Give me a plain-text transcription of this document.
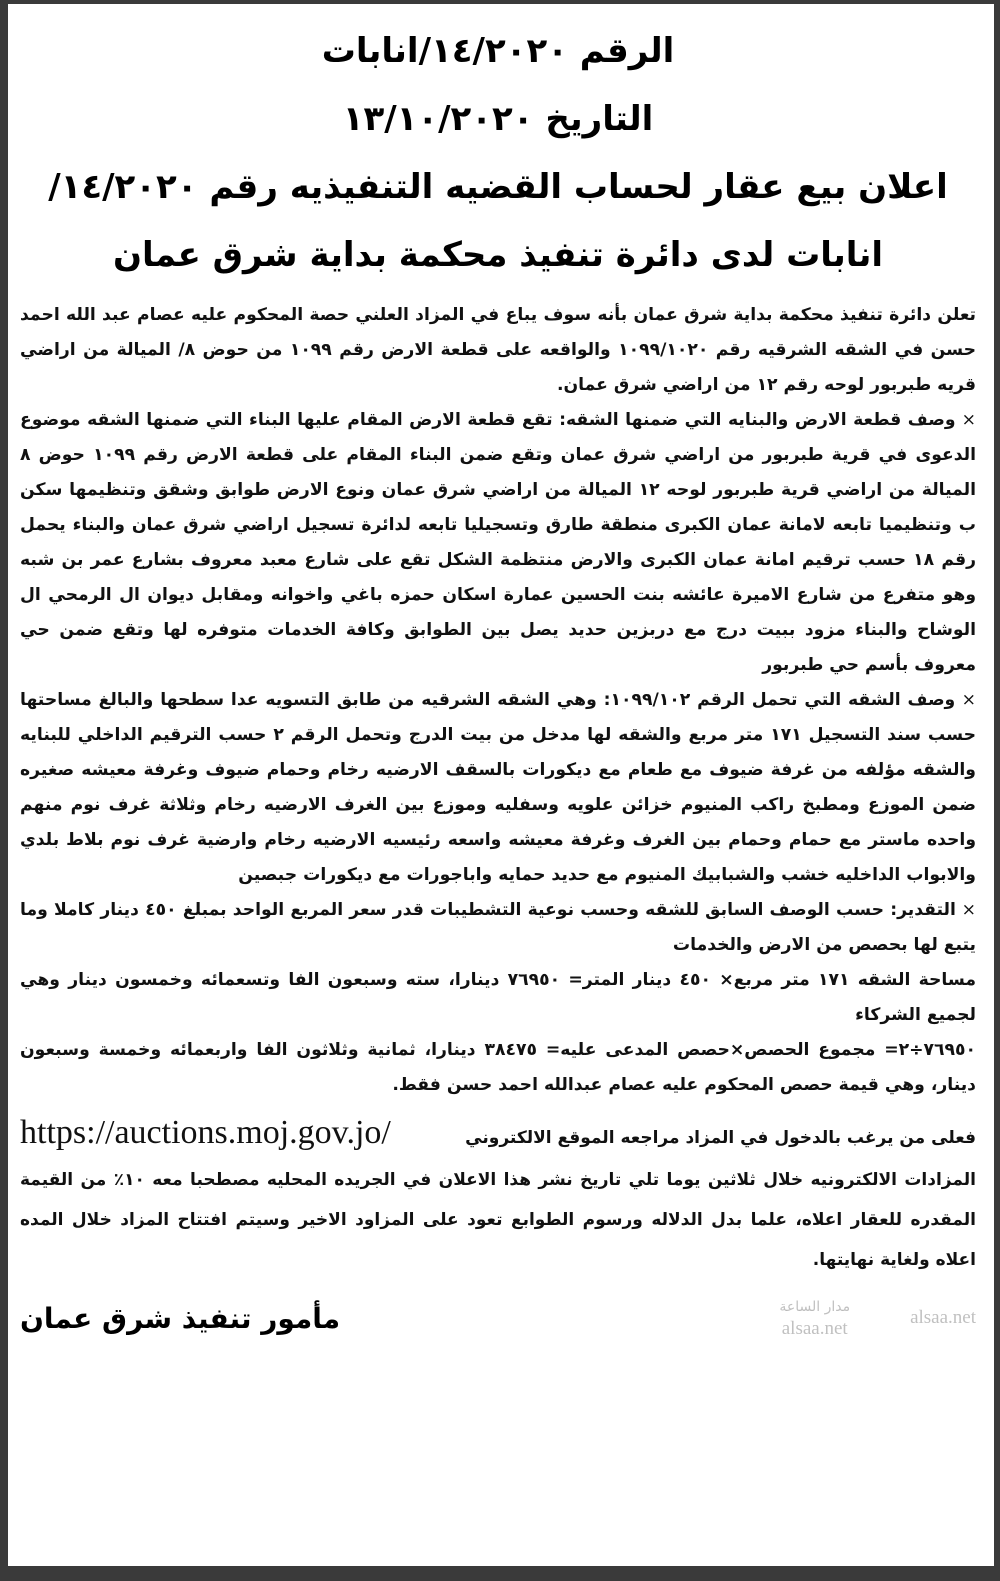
الرقم ١٤/٢٠٢٠/انابات
التاريخ ١٣/١٠/٢٠٢٠
اعلان بيع عقار لحساب القضيه التنفيذيه رقم ١٤/٢٠٢٠/
انابات لدى دائرة تنفيذ محكمة بداية شرق عمان

تعلن دائرة تنفيذ محكمة بداية شرق عمان بأنه سوف يباع في المزاد العلني حصة المحكوم عليه عصام عبد الله احمد حسن في الشقه الشرقيه رقم ١٠٩٩/١٠٢٠ والواقعه على قطعة الارض رقم ١٠٩٩ من حوض ٨/ الميالة من اراضي قريه طبربور لوحه رقم ١٢ من اراضي شرق عمان.

× وصف قطعة الارض والبنايه التي ضمنها الشقه: تقع قطعة الارض المقام عليها البناء التي ضمنها الشقه موضوع الدعوى في قرية طبربور من اراضي شرق عمان وتقع ضمن البناء المقام على قطعة الارض رقم ١٠٩٩ حوض ٨ الميالة من اراضي قرية طبربور لوحه ١٢ الميالة من اراضي شرق عمان ونوع الارض طوابق وشقق وتنظيمها سكن ب وتنظيميا تابعه لامانة عمان الكبرى منطقة طارق وتسجيليا تابعه لدائرة تسجيل اراضي شرق عمان والبناء يحمل رقم ١٨ حسب ترقيم امانة عمان الكبرى والارض منتظمة الشكل تقع على شارع معبد معروف بشارع عمر بن شبه وهو متفرع من شارع الاميرة عائشه بنت الحسين عمارة اسكان حمزه باغي واخوانه ومقابل ديوان ال الرمحي ال الوشاح والبناء مزود ببيت درج مع دربزين حديد يصل بين الطوابق وكافة الخدمات متوفره لها وتقع ضمن حي معروف بأسم حي طبربور

× وصف الشقه التي تحمل الرقم ١٠٩٩/١٠٢: وهي الشقه الشرقيه من طابق التسويه عدا سطحها والبالغ مساحتها حسب سند التسجيل ١٧١ متر مربع والشقه لها مدخل من بيت الدرج وتحمل الرقم ٢ حسب الترقيم الداخلي للبنايه والشقه مؤلفه من غرفة ضيوف مع طعام مع ديكورات بالسقف الارضيه رخام وحمام ضيوف وغرفة معيشه صغيره ضمن الموزع ومطبخ راكب المنيوم خزائن علويه وسفليه وموزع بين الغرف الارضيه رخام وثلاثة غرف نوم منهم واحده ماستر مع حمام وحمام بين الغرف وغرفة معيشه واسعه رئيسيه الارضيه رخام وارضية غرف نوم بلاط بلدي والابواب الداخليه خشب والشبابيك المنيوم مع حديد حمايه واباجورات مع ديكورات جبصين

× التقدير: حسب الوصف السابق للشقه وحسب نوعية التشطيبات قدر سعر المربع الواحد بمبلغ ٤٥٠ دينار كاملا وما يتبع لها بحصص من الارض والخدمات

مساحة الشقه ١٧١ متر مربع× ٤٥٠ دينار المتر= ٧٦٩٥٠ دينارا، سته وسبعون الفا وتسعمائه وخمسون دينار وهي لجميع الشركاء

٧٦٩٥٠÷٢= مجموع الحصص×حصص المدعى عليه= ٣٨٤٧٥ دينارا، ثمانية وثلاثون الفا واربعمائه وخمسة وسبعون دينار، وهي قيمة حصص المحكوم عليه عصام عبدالله احمد حسن فقط.

فعلى من يرغب بالدخول في المزاد مراجعه الموقع الالكتروني
https://auctions.moj.gov.jo/
المزادات الالكترونيه خلال ثلاثين يوما تلي تاريخ نشر هذا الاعلان في الجريده المحليه مصطحبا معه ١٠٪ من القيمة المقدره للعقار اعلاه، علما بدل الدلاله ورسوم الطوابع تعود على المزاود الاخير وسيتم افتتاح المزاد خلال المده اعلاه ولغاية نهايتها.
مأمور تنفيذ شرق عمان	مدار الساعة
alsaa.net
alsaa.net
